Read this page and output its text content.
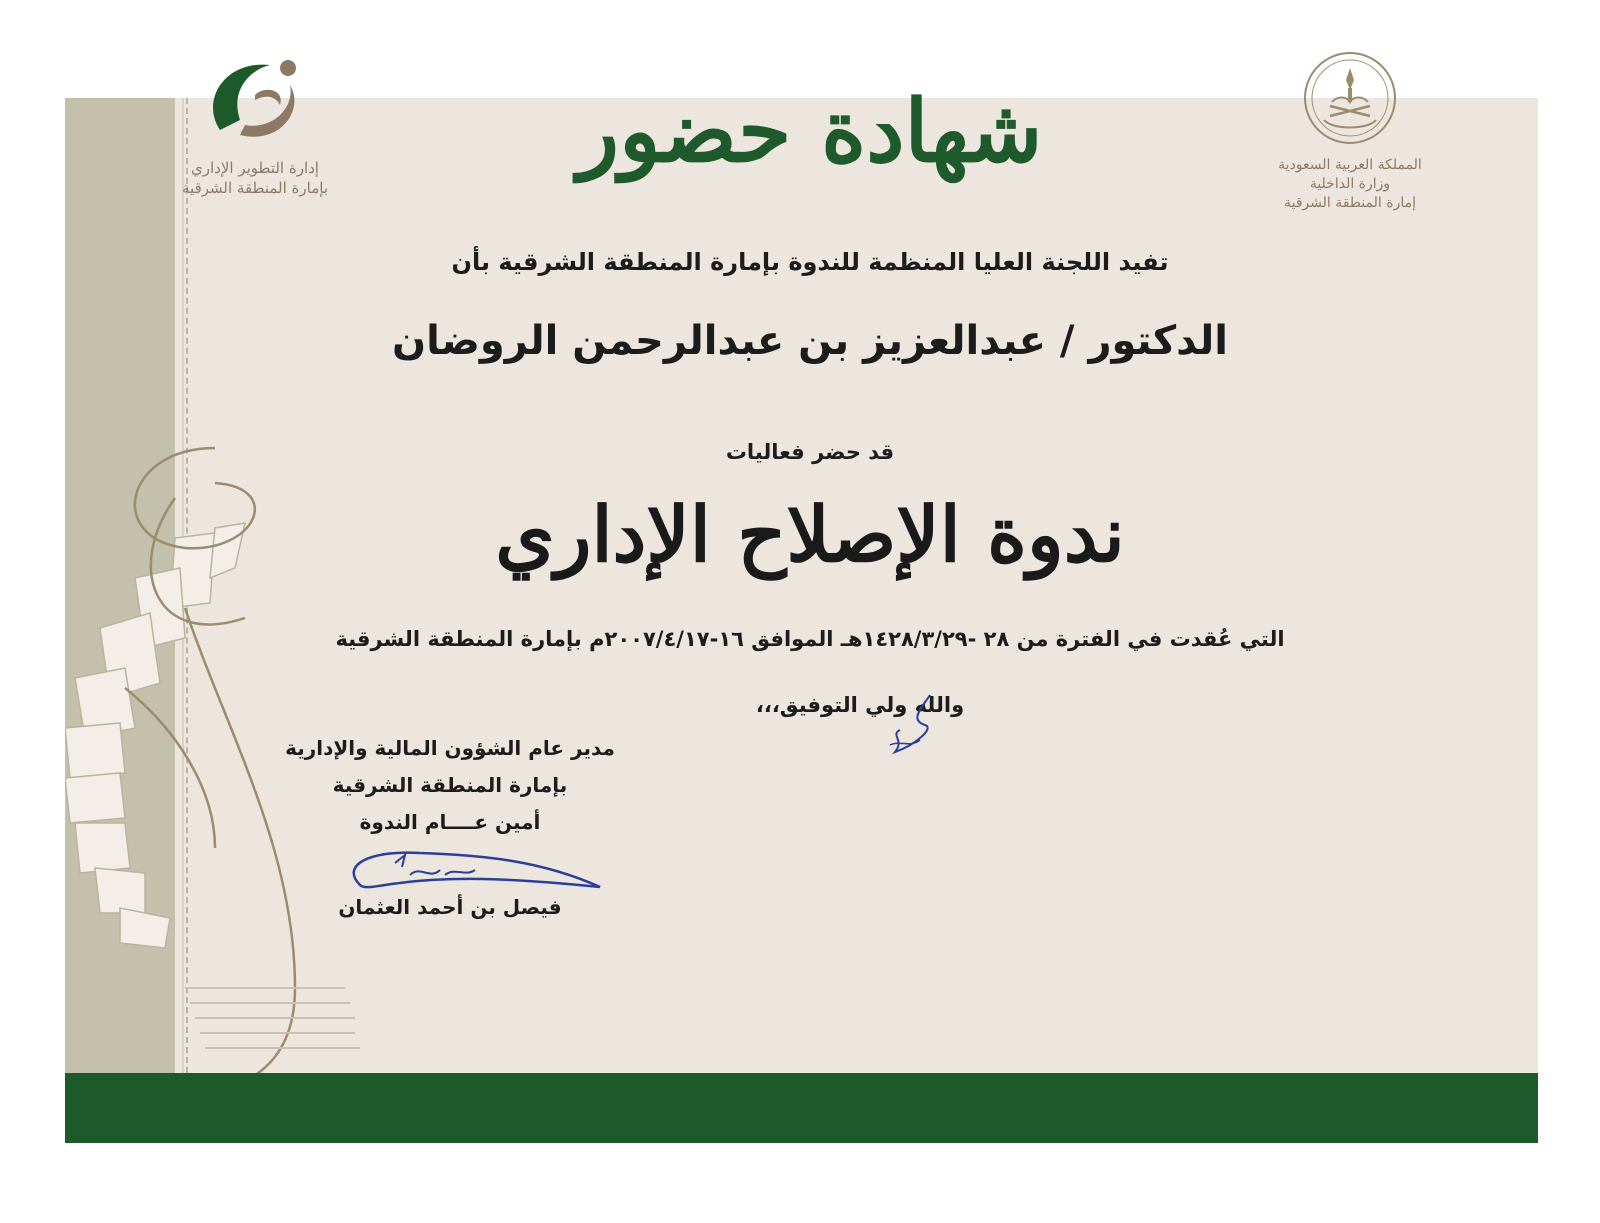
إدارة التطوير الإداري
بإمارة المنطقة الشرقية
المملكة العربية السعودية
وزارة الداخلية
إمارة المنطقة الشرقية
شهادة حضور
تفيد اللجنة العليا المنظمة للندوة بإمارة المنطقة الشرقية بأن
الدكتور / عبدالعزيز بن عبدالرحمن الروضان
قد حضر فعاليات
ندوة الإصلاح الإداري
التي عُقدت في الفترة من ٢٨ -١٤٢٨/٣/٢٩هـ الموافق ١٦-٢٠٠٧/٤/١٧م بإمارة المنطقة الشرقية
والله ولي التوفيق،،،
مدير عام الشؤون المالية والإدارية
بإمارة المنطقة الشرقية
أمين عــــام الندوة
فيصل بن أحمد العثمان
